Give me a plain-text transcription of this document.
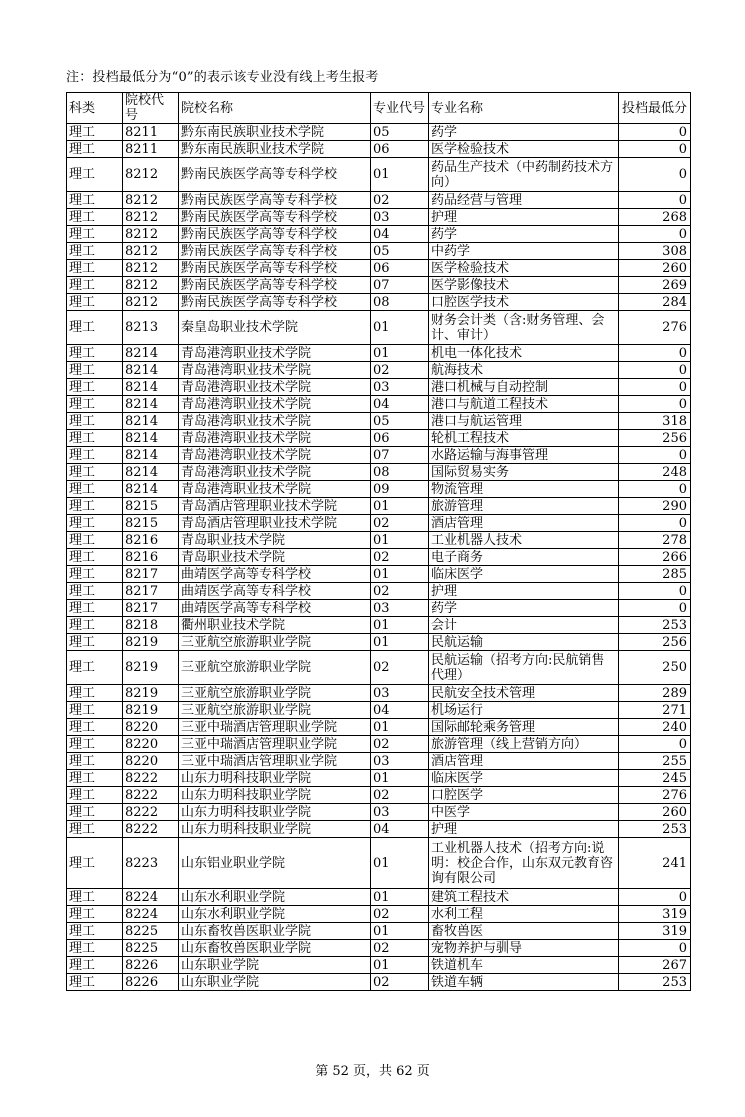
注：投档最低分为“0”的表示该专业没有线上考生报考
科类	院校代号	院校名称	专业代号	专业名称	投档最低分
理工	8211	黔东南民族职业技术学院	05	药学	0
理工	8211	黔东南民族职业技术学院	06	医学检验技术	0
理工	8212	黔南民族医学高等专科学校	01	药品生产技术（中药制药技术方向）	0
理工	8212	黔南民族医学高等专科学校	02	药品经营与管理	0
理工	8212	黔南民族医学高等专科学校	03	护理	268
理工	8212	黔南民族医学高等专科学校	04	药学	0
理工	8212	黔南民族医学高等专科学校	05	中药学	308
理工	8212	黔南民族医学高等专科学校	06	医学检验技术	260
理工	8212	黔南民族医学高等专科学校	07	医学影像技术	269
理工	8212	黔南民族医学高等专科学校	08	口腔医学技术	284
理工	8213	秦皇岛职业技术学院	01	财务会计类（含:财务管理、会计、审计）	276
理工	8214	青岛港湾职业技术学院	01	机电一体化技术	0
理工	8214	青岛港湾职业技术学院	02	航海技术	0
理工	8214	青岛港湾职业技术学院	03	港口机械与自动控制	0
理工	8214	青岛港湾职业技术学院	04	港口与航道工程技术	0
理工	8214	青岛港湾职业技术学院	05	港口与航运管理	318
理工	8214	青岛港湾职业技术学院	06	轮机工程技术	256
理工	8214	青岛港湾职业技术学院	07	水路运输与海事管理	0
理工	8214	青岛港湾职业技术学院	08	国际贸易实务	248
理工	8214	青岛港湾职业技术学院	09	物流管理	0
理工	8215	青岛酒店管理职业技术学院	01	旅游管理	290
理工	8215	青岛酒店管理职业技术学院	02	酒店管理	0
理工	8216	青岛职业技术学院	01	工业机器人技术	278
理工	8216	青岛职业技术学院	02	电子商务	266
理工	8217	曲靖医学高等专科学校	01	临床医学	285
理工	8217	曲靖医学高等专科学校	02	护理	0
理工	8217	曲靖医学高等专科学校	03	药学	0
理工	8218	衢州职业技术学院	01	会计	253
理工	8219	三亚航空旅游职业学院	01	民航运输	256
理工	8219	三亚航空旅游职业学院	02	民航运输（招考方向:民航销售代理）	250
理工	8219	三亚航空旅游职业学院	03	民航安全技术管理	289
理工	8219	三亚航空旅游职业学院	04	机场运行	271
理工	8220	三亚中瑞酒店管理职业学院	01	国际邮轮乘务管理	240
理工	8220	三亚中瑞酒店管理职业学院	02	旅游管理（线上营销方向）	0
理工	8220	三亚中瑞酒店管理职业学院	03	酒店管理	255
理工	8222	山东力明科技职业学院	01	临床医学	245
理工	8222	山东力明科技职业学院	02	口腔医学	276
理工	8222	山东力明科技职业学院	03	中医学	260
理工	8222	山东力明科技职业学院	04	护理	253
理工	8223	山东铝业职业学院	01	工业机器人技术（招考方向:说明：校企合作，山东双元教育咨询有限公司	241
理工	8224	山东水利职业学院	01	建筑工程技术	0
理工	8224	山东水利职业学院	02	水利工程	319
理工	8225	山东畜牧兽医职业学院	01	畜牧兽医	319
理工	8225	山东畜牧兽医职业学院	02	宠物养护与驯导	0
理工	8226	山东职业学院	01	铁道机车	267
理工	8226	山东职业学院	02	铁道车辆	253
第 52 页，共 62 页
